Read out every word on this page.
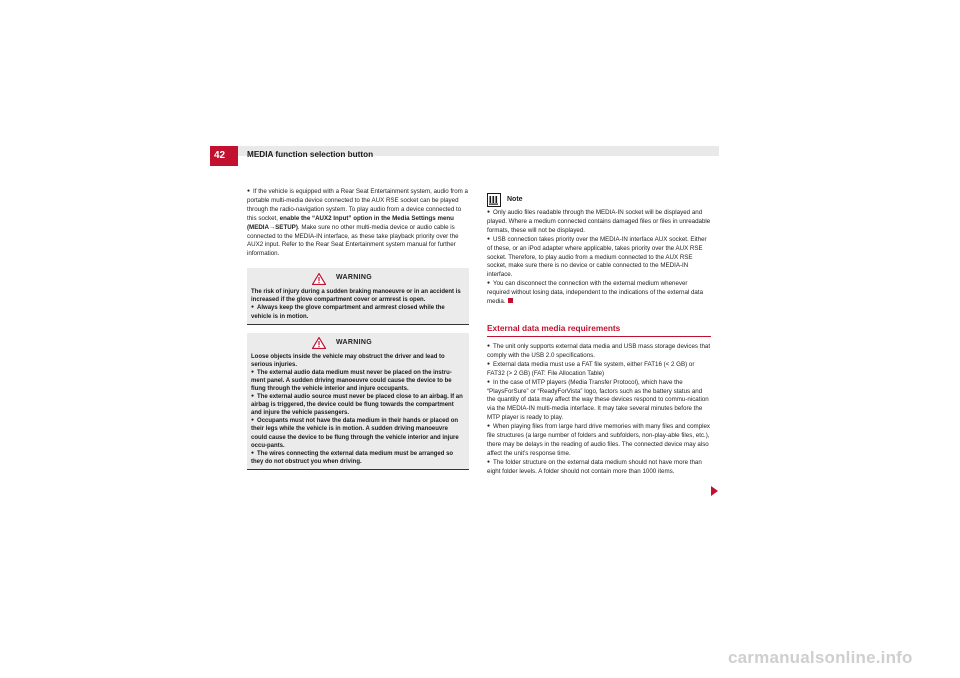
42	MEDIA function selection button

● If the vehicle is equipped with a Rear Seat Entertainment system, audio from a portable multi-media device connected to the AUX RSE socket can be played through the radio-navigation system. To play audio from a device connected to this socket, enable the “AUX2 Input” option in the Media Settings menu (MEDIA→SETUP). Make sure no other multi-media device or audio cable is connected to the MEDIA-IN interface, as these take playback priority over the AUX2 input. Refer to the Rear Seat Entertainment system manual for further information.

WARNING

The risk of injury during a sudden braking manoeuvre or in an accident is increased if the glove compartment cover or armrest is open.

● Always keep the glove compartment and armrest closed while the vehicle is in motion.

WARNING

Loose objects inside the vehicle may obstruct the driver and lead to serious injuries.

● The external audio data medium must never be placed on the instru-ment panel. A sudden driving manoeuvre could cause the device to be flung through the vehicle interior and injure occupants.

● The external audio source must never be placed close to an airbag. If an airbag is triggered, the device could be flung towards the compartment and injure the vehicle passengers.

● Occupants must not have the data medium in their hands or placed on their legs while the vehicle is in motion. A sudden driving manoeuvre could cause the device to be flung through the vehicle interior and injure occu-pants.

● The wires connecting the external data medium must be arranged so they do not obstruct you when driving.

Note

● Only audio files readable through the MEDIA-IN socket will be displayed and played. Where a medium connected contains damaged files or files in unreadable formats, these will not be displayed.

● USB connection takes priority over the MEDIA-IN interface AUX socket. Either of these, or an iPod adapter where applicable, takes priority over the AUX RSE socket. Therefore, to play audio from a medium connected to the AUX RSE socket, make sure there is no device or cable connected to the MEDIA-IN interface.

● You can disconnect the connection with the external medium whenever required without losing data, independent to the indications of the external data media.

External data media requirements

● The unit only supports external data media and USB mass storage devices that comply with the USB 2.0 specifications.

● External data media must use a FAT file system, either FAT16 (< 2 GB) or FAT32 (> 2 GB) (FAT: File Allocation Table)

● In the case of MTP players (Media Transfer Protocol), which have the “PlaysForSure” or “ReadyForVista” logo, factors such as the battery status and the quantity of data may affect the way these devices respond to commu-nication via the MEDIA-IN multi-media interface. It may take several minutes before the MTP player is ready to play.

● When playing files from large hard drive memories with many files and complex file structures (a large number of folders and subfolders, non-play-able files, etc.), there may be delays in the reading of audio files. The connected device may also affect the unit’s response time.

● The folder structure on the external data medium should not have more than eight folder levels. A folder should not contain more than 1000 items.

carmanualsonline.info
